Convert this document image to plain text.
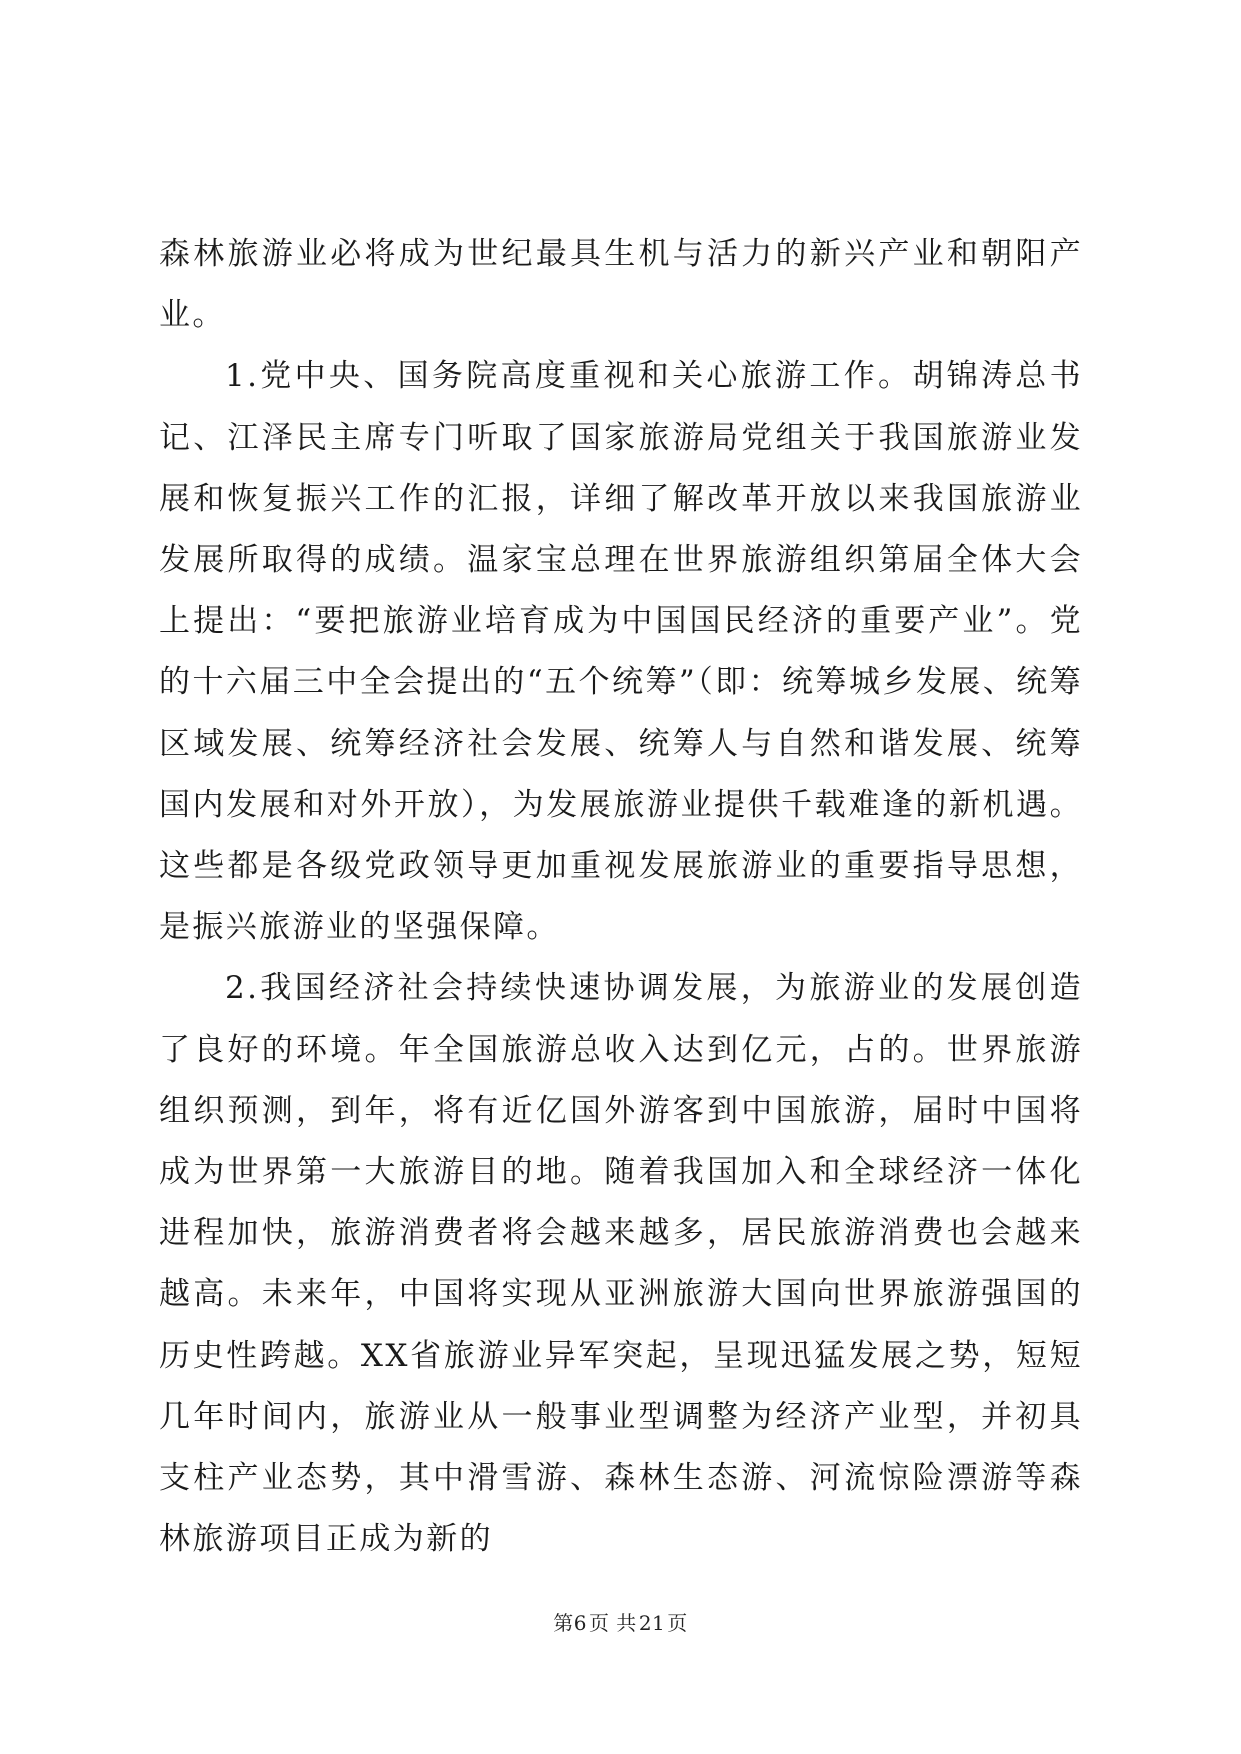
森林旅游业必将成为世纪最具生机与活力的新兴产业和朝阳产业。

1.党中央、国务院高度重视和关心旅游工作。胡锦涛总书记、江泽民主席专门听取了国家旅游局党组关于我国旅游业发展和恢复振兴工作的汇报，详细了解改革开放以来我国旅游业发展所取得的成绩。温家宝总理在世界旅游组织第届全体大会上提出：“要把旅游业培育成为中国国民经济的重要产业”。党的十六届三中全会提出的“五个统筹”（即：统筹城乡发展、统筹区域发展、统筹经济社会发展、统筹人与自然和谐发展、统筹国内发展和对外开放），为发展旅游业提供千载难逢的新机遇。这些都是各级党政领导更加重视发展旅游业的重要指导思想，是振兴旅游业的坚强保障。

2.我国经济社会持续快速协调发展，为旅游业的发展创造了良好的环境。年全国旅游总收入达到亿元，占的。世界旅游组织预测，到年，将有近亿国外游客到中国旅游，届时中国将成为世界第一大旅游目的地。随着我国加入和全球经济一体化进程加快，旅游消费者将会越来越多，居民旅游消费也会越来越高。未来年，中国将实现从亚洲旅游大国向世界旅游强国的历史性跨越。XX省旅游业异军突起，呈现迅猛发展之势，短短几年时间内，旅游业从一般事业型调整为经济产业型，并初具支柱产业态势，其中滑雪游、森林生态游、河流惊险漂游等森林旅游项目正成为新的

第6 页 共 21 页
